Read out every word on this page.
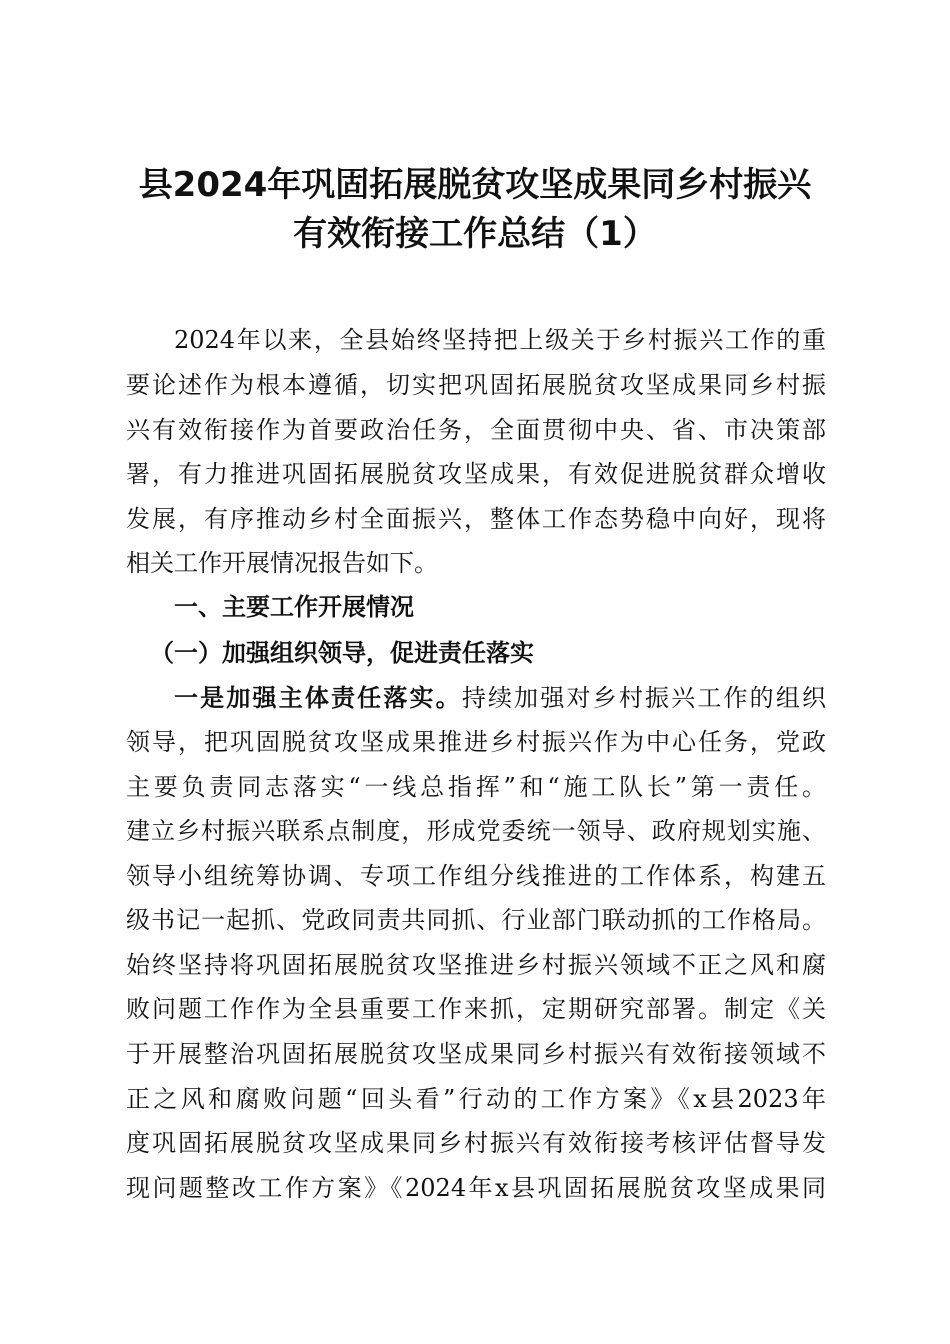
县2024年巩固拓展脱贫攻坚成果同乡村振兴
有效衔接工作总结（1）
2024年以来，全县始终坚持把上级关于乡村振兴工作的重
要论述作为根本遵循，切实把巩固拓展脱贫攻坚成果同乡村振
兴有效衔接作为首要政治任务，全面贯彻中央、省、市决策部
署，有力推进巩固拓展脱贫攻坚成果，有效促进脱贫群众增收
发展，有序推动乡村全面振兴，整体工作态势稳中向好，现将
相关工作开展情况报告如下。
一、主要工作开展情况
（一）加强组织领导，促进责任落实
一是加强主体责任落实。持续加强对乡村振兴工作的组织
领导，把巩固脱贫攻坚成果推进乡村振兴作为中心任务，党政
主要负责同志落实“一线总指挥”和“施工队长”第一责任。
建立乡村振兴联系点制度，形成党委统一领导、政府规划实施、
领导小组统筹协调、专项工作组分线推进的工作体系，构建五
级书记一起抓、党政同责共同抓、行业部门联动抓的工作格局。
始终坚持将巩固拓展脱贫攻坚推进乡村振兴领域不正之风和腐
败问题工作作为全县重要工作来抓，定期研究部署。制定《关
于开展整治巩固拓展脱贫攻坚成果同乡村振兴有效衔接领域不
正之风和腐败问题“回头看”行动的工作方案》《x县2023年
度巩固拓展脱贫攻坚成果同乡村振兴有效衔接考核评估督导发
现问题整改工作方案》《2024年x县巩固拓展脱贫攻坚成果同
